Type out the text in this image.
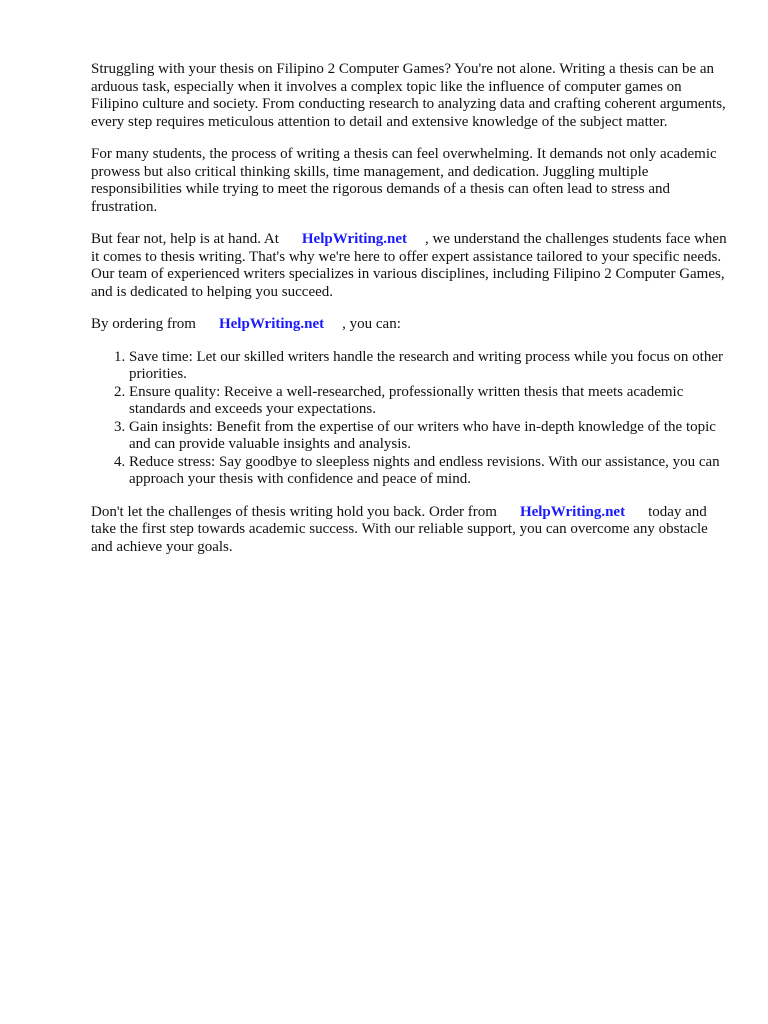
Struggling with your thesis on Filipino 2 Computer Games? You're not alone. Writing a thesis can be an arduous task, especially when it involves a complex topic like the influence of computer games on Filipino culture and society. From conducting research to analyzing data and crafting coherent arguments, every step requires meticulous attention to detail and extensive knowledge of the subject matter.

For many students, the process of writing a thesis can feel overwhelming. It demands not only academic prowess but also critical thinking skills, time management, and dedication. Juggling multiple responsibilities while trying to meet the rigorous demands of a thesis can often lead to stress and frustration.

But fear not, help is at hand. At HelpWriting.net , we understand the challenges students face when it comes to thesis writing. That's why we're here to offer expert assistance tailored to your specific needs. Our team of experienced writers specializes in various disciplines, including Filipino 2 Computer Games, and is dedicated to helping you succeed.

By ordering from HelpWriting.net , you can:

1. Save time: Let our skilled writers handle the research and writing process while you focus on other priorities.
2. Ensure quality: Receive a well-researched, professionally written thesis that meets academic standards and exceeds your expectations.
3. Gain insights: Benefit from the expertise of our writers who have in-depth knowledge of the topic and can provide valuable insights and analysis.
4. Reduce stress: Say goodbye to sleepless nights and endless revisions. With our assistance, you can approach your thesis with confidence and peace of mind.

Don't let the challenges of thesis writing hold you back. Order from HelpWriting.net today and take the first step towards academic success. With our reliable support, you can overcome any obstacle and achieve your goals.
